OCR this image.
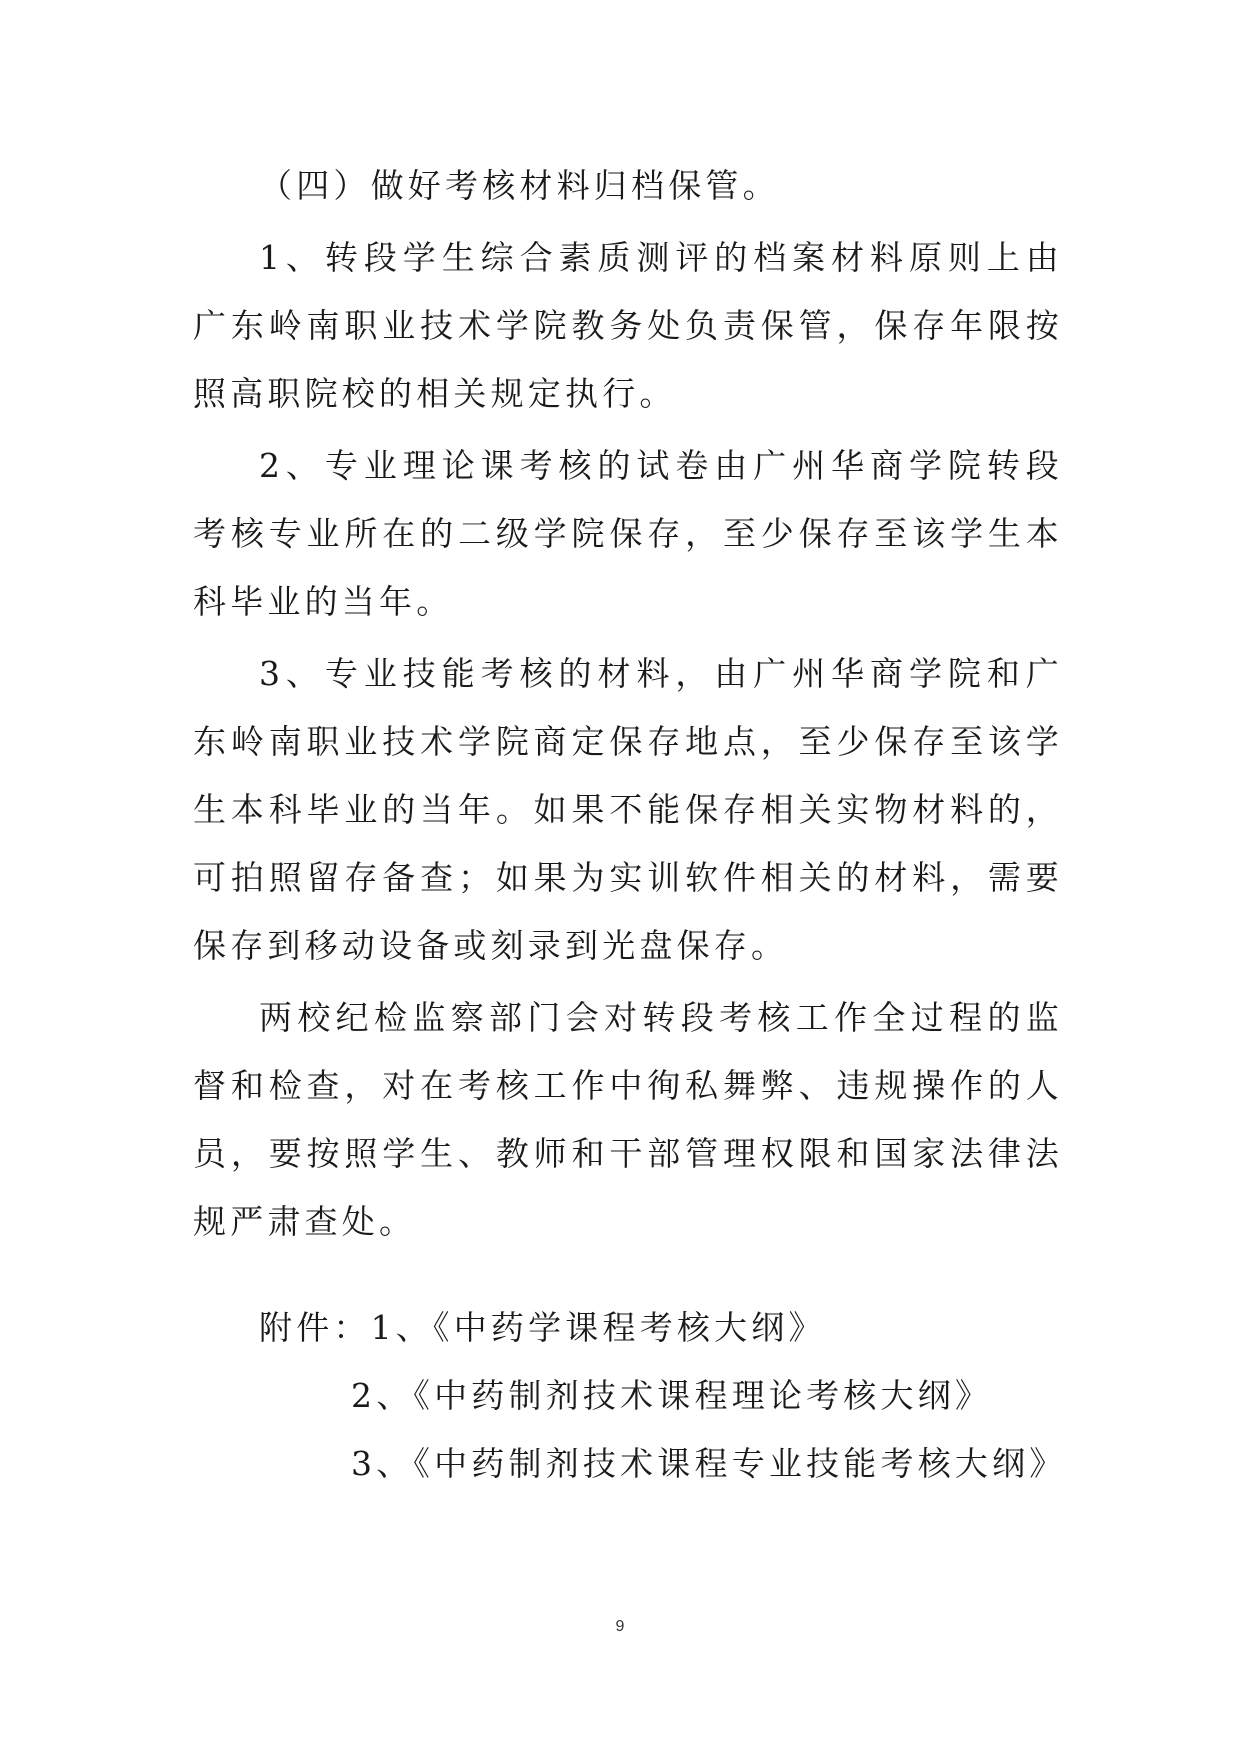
（四）做好考核材料归档保管。

1、转段学生综合素质测评的档案材料原则上由广东岭南职业技术学院教务处负责保管，保存年限按照高职院校的相关规定执行。

2、专业理论课考核的试卷由广州华商学院转段考核专业所在的二级学院保存，至少保存至该学生本科毕业的当年。

3、专业技能考核的材料，由广州华商学院和广东岭南职业技术学院商定保存地点，至少保存至该学生本科毕业的当年。如果不能保存相关实物材料的，可拍照留存备查；如果为实训软件相关的材料，需要保存到移动设备或刻录到光盘保存。

两校纪检监察部门会对转段考核工作全过程的监督和检查，对在考核工作中徇私舞弊、违规操作的人员，要按照学生、教师和干部管理权限和国家法律法规严肃查处。

附件：1、《中药学课程考核大纲》

2、《中药制剂技术课程理论考核大纲》

3、《中药制剂技术课程专业技能考核大纲》

9
